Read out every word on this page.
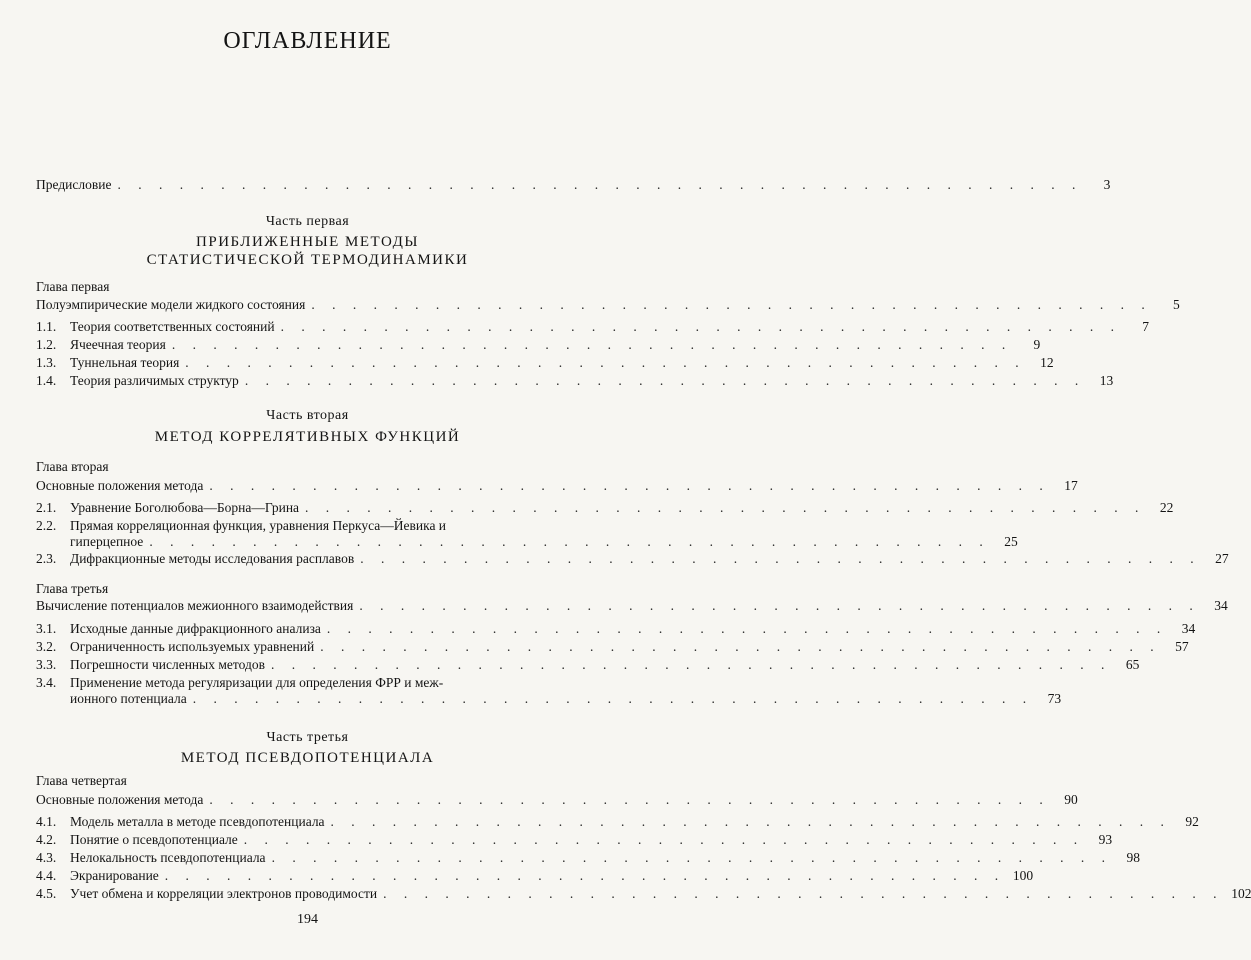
ОГЛАВЛЕНИЕ
Предисловие . . . . . . . . . . . . . . . . . . . . . . . . . . . . . . . . . . . . . . . . . . . . . . .	3
Часть первая
ПРИБЛИЖЕННЫЕ МЕТОДЫ
СТАТИСТИЧЕСКОЙ ТЕРМОДИНАМИКИ
Глава первая
Полуэмпирические модели жидкого состояния . . . . . . . . . . . . . . . . . . . . . . . . . . . . . . . . . . . . . . . . .	5
1.1.	Теория соответственных состояний . . . . . . . . . . . . . . . . . . . . . . . . . . . . . . . . . . . . . . . . .	7
1.2.	Ячеечная теория . . . . . . . . . . . . . . . . . . . . . . . . . . . . . . . . . . . . . . . . .	9
1.3.	Туннельная теория . . . . . . . . . . . . . . . . . . . . . . . . . . . . . . . . . . . . . . . . .	12
1.4.	Теория различимых структур . . . . . . . . . . . . . . . . . . . . . . . . . . . . . . . . . . . . . . . . .	13
Часть вторая
МЕТОД КОРРЕЛЯТИВНЫХ ФУНКЦИЙ
Глава вторая
Основные положения метода . . . . . . . . . . . . . . . . . . . . . . . . . . . . . . . . . . . . . . . . .	17
2.1.	Уравнение Боголюбова—Борна—Грина . . . . . . . . . . . . . . . . . . . . . . . . . . . . . . . . . . . . . . . . .	22
2.2. Прямая корреляционная функция, уравнения Перкуса—Йевика и
гиперцепное . . . . . . . . . . . . . . . . . . . . . . . . . . . . . . . . . . . . . . . . .	25
2.3.	Дифракционные методы исследования расплавов . . . . . . . . . . . . . . . . . . . . . . . . . . . . . . . . . . . . . . . . .	27
Глава третья
Вычисление потенциалов межионного взаимодействия . . . . . . . . . . . . . . . . . . . . . . . . . . . . . . . . . . . . . . . . .	34
3.1.	Исходные данные дифракционного анализа . . . . . . . . . . . . . . . . . . . . . . . . . . . . . . . . . . . . . . . . .	34
3.2.	Ограниченность используемых уравнений . . . . . . . . . . . . . . . . . . . . . . . . . . . . . . . . . . . . . . . . .	57
3.3.	Погрешности численных методов . . . . . . . . . . . . . . . . . . . . . . . . . . . . . . . . . . . . . . . . .	65
3.4. Применение метода регуляризации для определения ФРР и меж-
ионного потенциала . . . . . . . . . . . . . . . . . . . . . . . . . . . . . . . . . . . . . . . . .	73
Часть третья
МЕТОД ПСЕВДОПОТЕНЦИАЛА
Глава четвертая
Основные положения метода . . . . . . . . . . . . . . . . . . . . . . . . . . . . . . . . . . . . . . . . .	90
4.1.	Модель металла в методе псевдопотенциала . . . . . . . . . . . . . . . . . . . . . . . . . . . . . . . . . . . . . . . . .	92
4.2.	Понятие о псевдопотенциале . . . . . . . . . . . . . . . . . . . . . . . . . . . . . . . . . . . . . . . . .	93
4.3.	Нелокальность псевдопотенциала . . . . . . . . . . . . . . . . . . . . . . . . . . . . . . . . . . . . . . . . .	98
4.4.	Экранирование . . . . . . . . . . . . . . . . . . . . . . . . . . . . . . . . . . . . . . . . . 100
4.5.	Учет обмена и корреляции электронов проводимости . . . . . . . . . . . . . . . . . . . . . . . . . . . . . . . . . . . . . . . . . 102
194
